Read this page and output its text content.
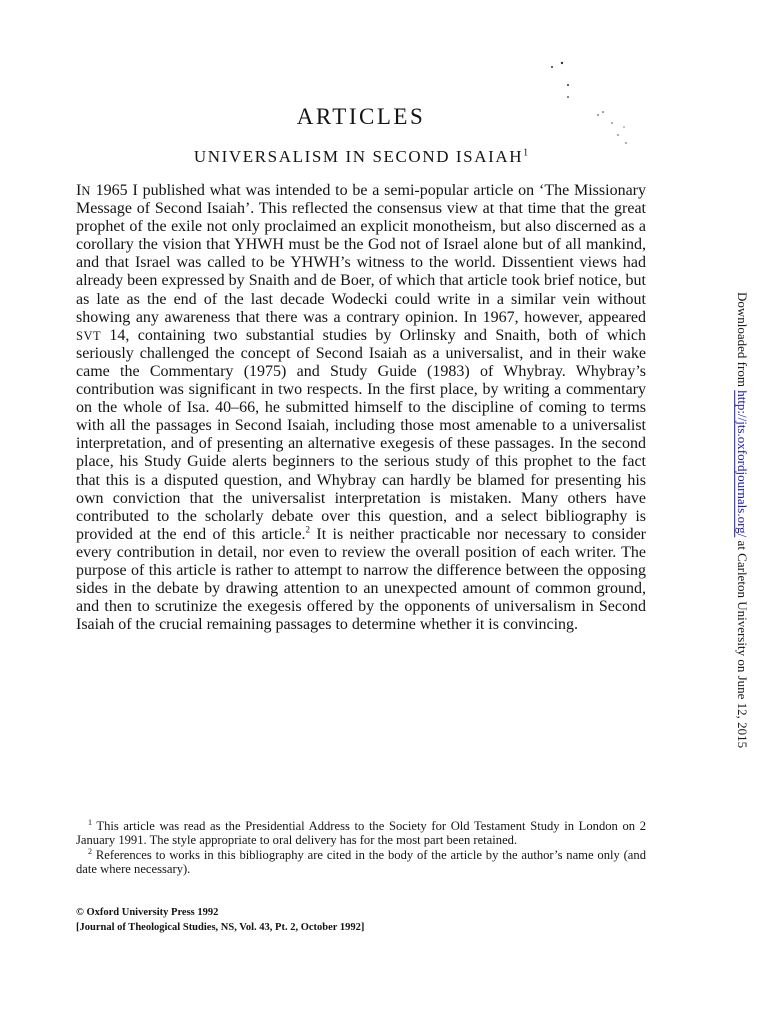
ARTICLES
UNIVERSALISM IN SECOND ISAIAH$^1$

IN 1965 I published what was intended to be a semi-popular article on ‘The Missionary Message of Second Isaiah’. This reflected the consensus view at that time that the great prophet of the exile not only proclaimed an explicit monotheism, but also discerned as a corollary the vision that YHWH must be the God not of Israel alone but of all mankind, and that Israel was called to be YHWH’s witness to the world. Dissentient views had already been expressed by Snaith and de Boer, of which that article took brief notice, but as late as the end of the last decade Wodecki could write in a similar vein without showing any awareness that there was a contrary opinion. In 1967, however, appeared SVT 14, containing two substantial studies by Orlinsky and Snaith, both of which seriously challenged the concept of Second Isaiah as a universalist, and in their wake came the Commentary (1975) and Study Guide (1983) of Whybray. Whybray’s contribution was significant in two respects. In the first place, by writing a commentary on the whole of Isa. 40–66, he submitted himself to the discipline of coming to terms with all the passages in Second Isaiah, including those most amenable to a universalist interpretation, and of presenting an alternative exegesis of these passages. In the second place, his Study Guide alerts beginners to the serious study of this prophet to the fact that this is a disputed question, and Whybray can hardly be blamed for presenting his own conviction that the universalist interpretation is mistaken. Many others have contributed to the scholarly debate over this question, and a select bibliography is provided at the end of this article.$^2$ It is neither practicable nor necessary to consider every contribution in detail, nor even to review the overall position of each writer. The purpose of this article is rather to attempt to narrow the difference between the opposing sides in the debate by drawing attention to an unexpected amount of common ground, and then to scrutinize the exegesis offered by the opponents of universalism in Second Isaiah of the crucial remaining passages to determine whether it is convincing.

$^1$ This article was read as the Presidential Address to the Society for Old Testament Study in London on 2 January 1991. The style appropriate to oral delivery has for the most part been retained.

$^2$ References to works in this bibliography are cited in the body of the article by the author’s name only (and date where necessary).

© Oxford University Press 1992
[Journal of Theological Studies, NS, Vol. 43, Pt. 2, October 1992]
Downloaded from http://jts.oxfordjournals.org/ at Carleton University on June 12, 2015
